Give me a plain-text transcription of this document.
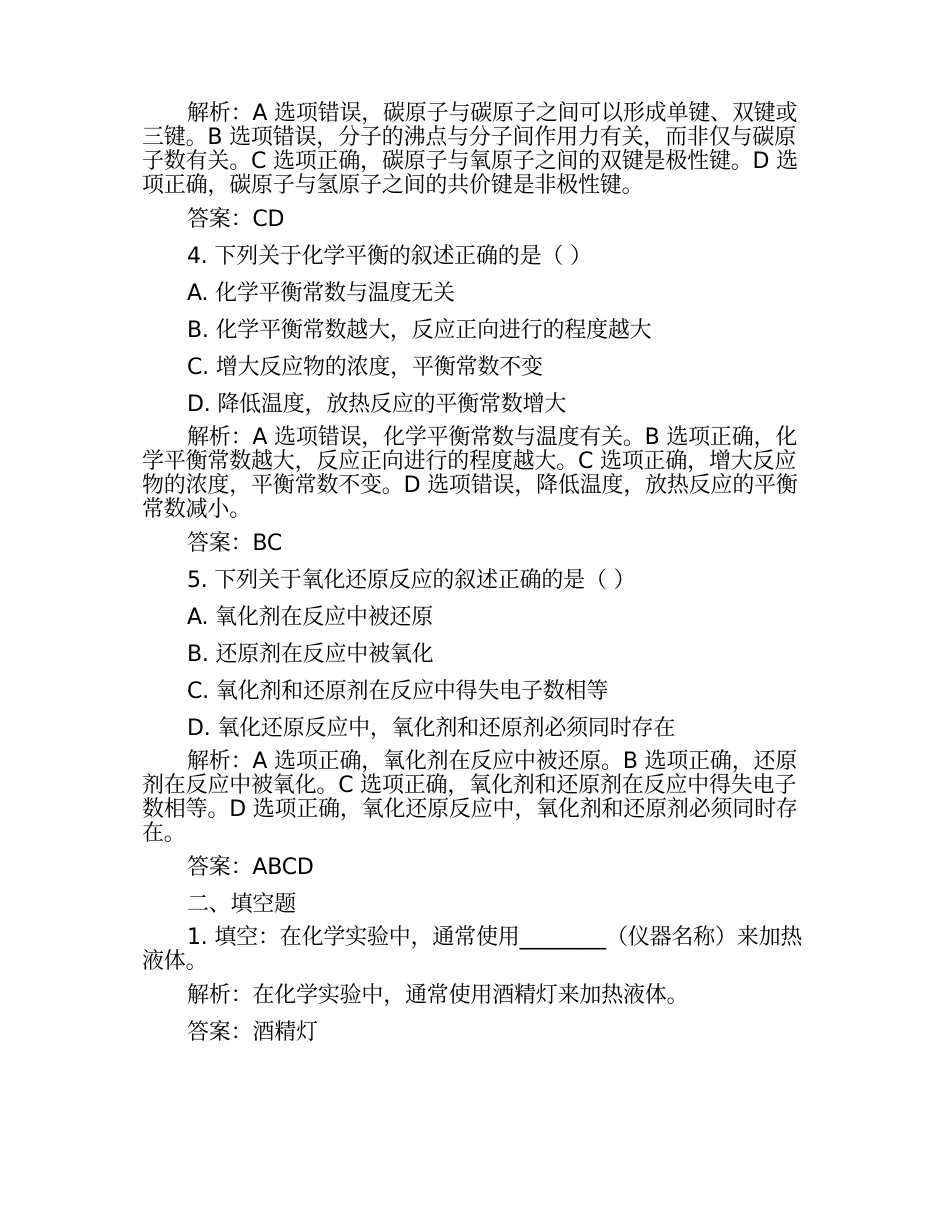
解析：A 选项错误，碳原子与碳原子之间可以形成单键、双键或三键。B 选项错误，分子的沸点与分子间作用力有关，而非仅与碳原子数有关。C 选项正确，碳原子与氧原子之间的双键是极性键。D 选项正确，碳原子与氢原子之间的共价键是非极性键。

答案：CD

4. 下列关于化学平衡的叙述正确的是（ ）

A. 化学平衡常数与温度无关

B. 化学平衡常数越大，反应正向进行的程度越大

C. 增大反应物的浓度，平衡常数不变

D. 降低温度，放热反应的平衡常数增大

解析：A 选项错误，化学平衡常数与温度有关。B 选项正确，化学平衡常数越大，反应正向进行的程度越大。C 选项正确，增大反应物的浓度，平衡常数不变。D 选项错误，降低温度，放热反应的平衡常数减小。

答案：BC

5. 下列关于氧化还原反应的叙述正确的是（ ）

A. 氧化剂在反应中被还原

B. 还原剂在反应中被氧化

C. 氧化剂和还原剂在反应中得失电子数相等

D. 氧化还原反应中，氧化剂和还原剂必须同时存在

解析：A 选项正确，氧化剂在反应中被还原。B 选项正确，还原剂在反应中被氧化。C 选项正确，氧化剂和还原剂在反应中得失电子数相等。D 选项正确，氧化还原反应中，氧化剂和还原剂必须同时存在。

答案：ABCD

二、填空题

1. 填空：在化学实验中，通常使用________（仪器名称）来加热液体。

解析：在化学实验中，通常使用酒精灯来加热液体。

答案：酒精灯
